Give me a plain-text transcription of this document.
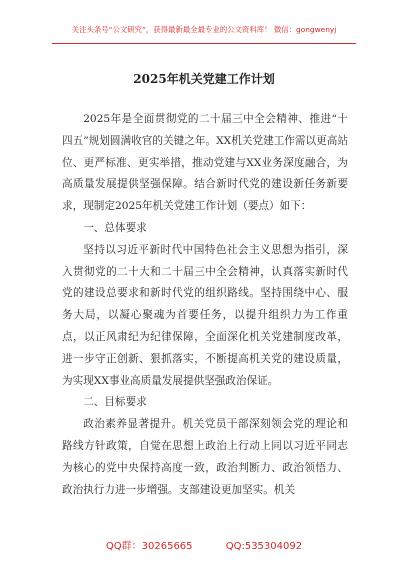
关注头条号“公文研究”，获得最新最全最专业的公文资料库！ 微信：gongwenyj
2025年机关党建工作计划

2025年是全面贯彻党的二十届三中全会精神、推进“十四五”规划圆满收官的关键之年。XX机关党建工作需以更高站位、更严标准、更实举措，推动党建与XX业务深度融合，为高质量发展提供坚强保障。结合新时代党的建设新任务新要求，现制定2025年机关党建工作计划（要点）如下：

一、总体要求

坚持以习近平新时代中国特色社会主义思想为指引，深入贯彻党的二十大和二十届三中全会精神，认真落实新时代党的建设总要求和新时代党的组织路线。坚持围绕中心、服务大局，以凝心聚魂为首要任务，以提升组织力为工作重点，以正风肃纪为纪律保障，全面深化机关党建制度改革，进一步守正创新、狠抓落实，不断提高机关党的建设质量，为实现XX事业高质量发展提供坚强政治保证。

二、目标要求

政治素养显著提升。机关党员干部深刻领会党的理论和路线方针政策，自觉在思想上政治上行动上同以习近平同志为核心的党中央保持高度一致，政治判断力、政治领悟力、政治执行力进一步增强。支部建设更加坚实。机关

QQ群：30265665	QQ:535304092
